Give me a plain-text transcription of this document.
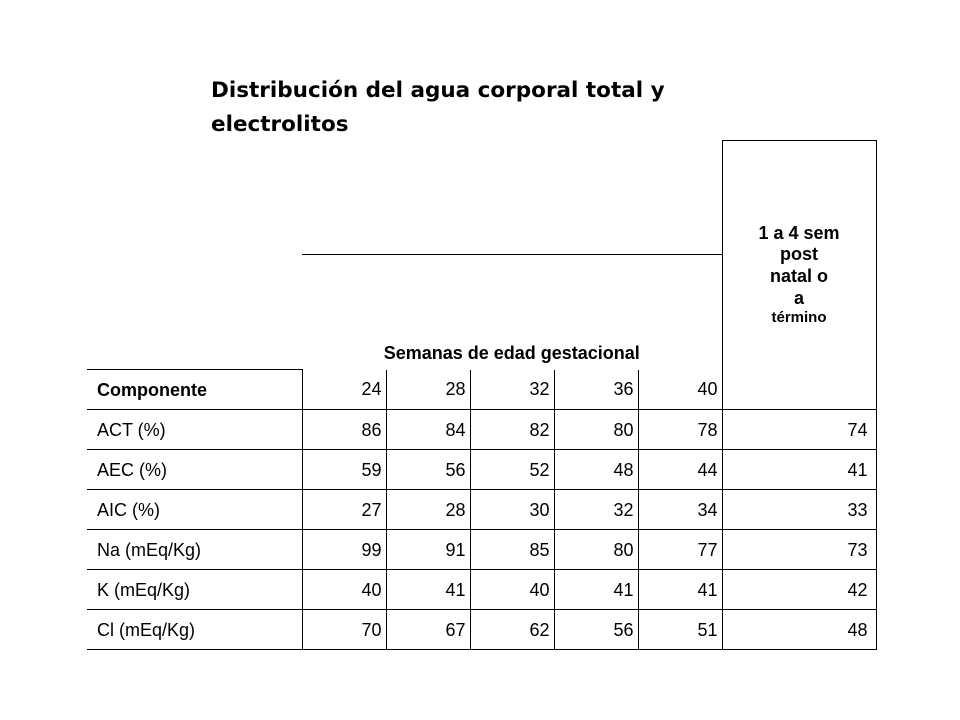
Distribución del agua corporal total y electrolitos

						1 a 4 sem
post
natal o
a
término

	Semanas de edad gestacional					
Componente	24	28	32	36	40	
ACT (%)	86	84	82	80	78	74
AEC (%)	59	56	52	48	44	41
AIC (%)	27	28	30	32	34	33
Na (mEq/Kg)	99	91	85	80	77	73
K (mEq/Kg)	40	41	40	41	41	42
Cl (mEq/Kg)	70	67	62	56	51	48
